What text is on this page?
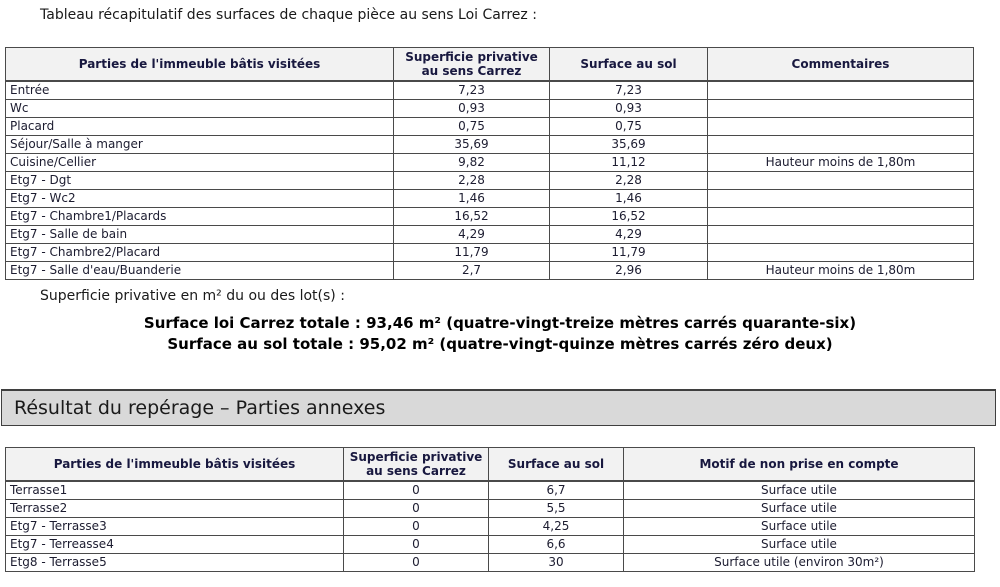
Tableau récapitulatif des surfaces de chaque pièce au sens Loi Carrez :
Parties de l'immeuble bâtis visitées	Superficie privative au sens Carrez	Surface au sol	Commentaires
Entrée	7,23	7,23	
Wc	0,93	0,93	
Placard	0,75	0,75	
Séjour/Salle à manger	35,69	35,69	
Cuisine/Cellier	9,82	11,12	Hauteur moins de 1,80m
Etg7 - Dgt	2,28	2,28	
Etg7 - Wc2	1,46	1,46	
Etg7 - Chambre1/Placards	16,52	16,52	
Etg7 - Salle de bain	4,29	4,29	
Etg7 - Chambre2/Placard	11,79	11,79	
Etg7 - Salle d'eau/Buanderie	2,7	2,96	Hauteur moins de 1,80m
Superficie privative en m² du ou des lot(s) :
Surface loi Carrez totale : 93,46 m² (quatre-vingt-treize mètres carrés quarante-six)
Surface au sol totale : 95,02 m² (quatre-vingt-quinze mètres carrés zéro deux)
Résultat du repérage – Parties annexes
Parties de l'immeuble bâtis visitées	Superficie privative au sens Carrez	Surface au sol	Motif de non prise en compte
Terrasse1	0	6,7	Surface utile
Terrasse2	0	5,5	Surface utile
Etg7 - Terrasse3	0	4,25	Surface utile
Etg7 - Terreasse4	0	6,6	Surface utile
Etg8 - Terrasse5	0	30	Surface utile (environ 30m²)
